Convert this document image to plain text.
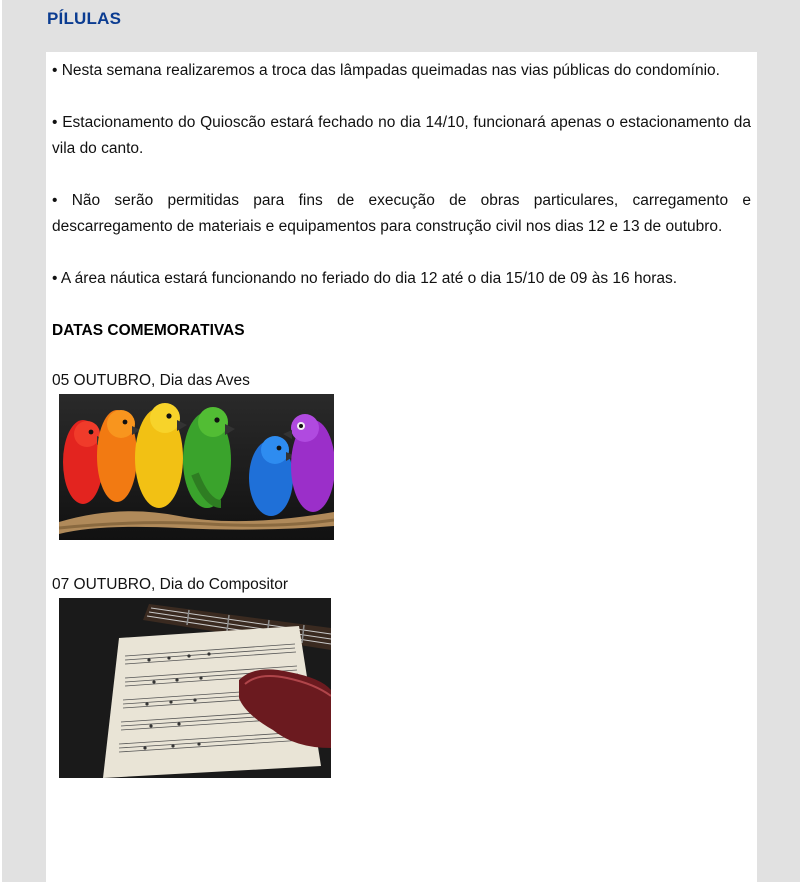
PÍLULAS

• Nesta semana realizaremos a troca das lâmpadas queimadas nas vias públicas do condomínio.

• Estacionamento do Quioscão estará fechado no dia 14/10, funcionará apenas o estacionamento da vila do canto.

• Não serão permitidas para fins de execução de obras particulares, carregamento e descarregamento de materiais e equipamentos para construção civil nos dias 12 e 13 de outubro.

• A área náutica estará funcionando no feriado do dia 12 até o dia 15/10 de 09 às 16 horas.

DATAS COMEMORATIVAS

05 OUTUBRO, Dia das Aves

07 OUTUBRO, Dia do Compositor
